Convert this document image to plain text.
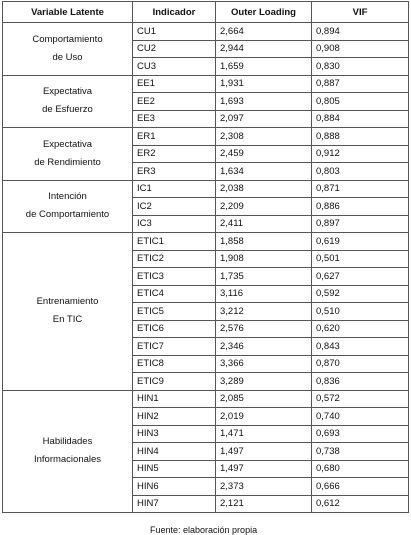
Variable Latente	Indicador	Outer Loading	VIF

Comportamiento
de Uso	CU1	2,664	0,894
	CU2	2,944	0,908
	CU3	1,659	0,830

Expectativa
de Esfuerzo	EE1	1,931	0,887
	EE2	1,693	0,805
	EE3	2,097	0,884

Expectativa
de Rendimiento	ER1	2,308	0,888
	ER2	2,459	0,912
	ER3	1,634	0,803

Intención
de Comportamiento	IC1	2,038	0,871
	IC2	2,209	0,886
	IC3	2,411	0,897

Entrenamiento
En TIC	ETIC1	1,858	0,619
	ETIC2	1,908	0,501
	ETIC3	1,735	0,627
	ETIC4	3,116	0,592
	ETIC5	3,212	0,510
	ETIC6	2,576	0,620
	ETIC7	2,346	0,843
	ETIC8	3,366	0,870
	ETIC9	3,289	0,836

Habilidades
Informacionales	HIN1	2,085	0,572
	HIN2	2,019	0,740
	HIN3	1,471	0,693
	HIN4	1,497	0,738
	HIN5	1,497	0,680
	HIN6	2,373	0,666
	HIN7	2,121	0,612
Fuente: elaboración propia
